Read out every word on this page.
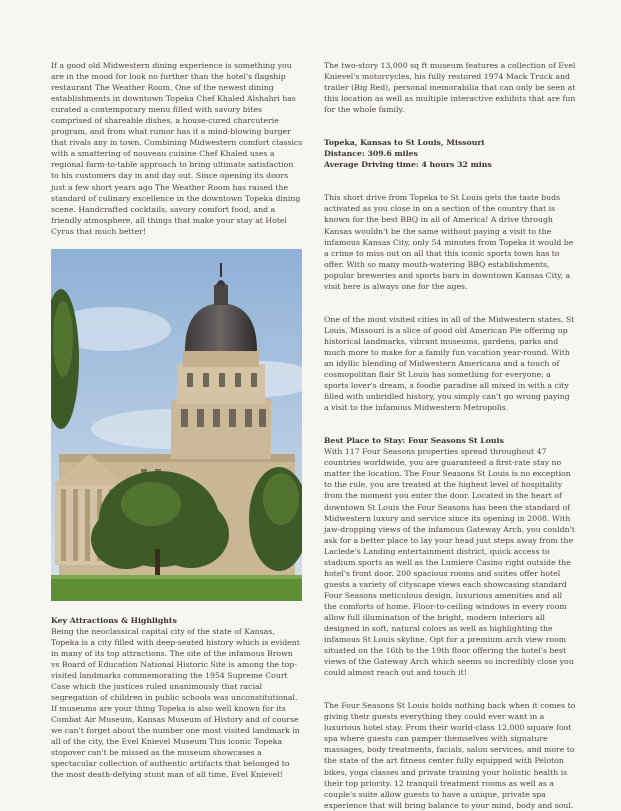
If a good old Midwestern dining experience is something you are in the mood for look no further than the hotel's flagship restaurant The Weather Room. One of the newest dining establishments in downtown Topeka Chef Khaled Alshahri has curated a contemporary menu filled with savory bites comprised of shareable dishes, a house-cured charcuterie program, and from what rumor has it a mind-blowing burger that rivals any in town. Combining Midwestern comfort classics with a smattering of nouveau cuisine Chef Khaled uses a regional farm-to-table approach to bring ultimate satisfaction to his customers day in and day out. Since opening its doors just a few short years ago The Weather Room has raised the standard of culinary excellence in the downtown Topeka dining scene. Handcrafted cocktails, savory comfort food, and a friendly atmosphere, all things that make your stay at Hotel Cyrus that much better!

Key Attractions & Highlights

Being the neoclassical capital city of the state of Kansas, Topeka is a city filled with deep-seated history which is evident in many of its top attractions. The site of the infamous Brown vs Board of Education National Historic Site is among the top-visited landmarks commemorating the 1954 Supreme Court Case which the justices ruled unanimously that racial segregation of children in public schools was unconstitutional. If museums are your thing Topeka is also well known for its Combat Air Museum, Kansas Museum of History and of course we can't forget about the number one most visited landmark in all of the city, the Evel Knievel Museum This iconic Topeka stopover can't be missed as the museum showcases a spectacular collection of authentic artifacts that belonged to the most death-defying stunt man of all time, Evel Knievel!

The two-story 13,000 sq ft museum features a collection of Evel Knievel's motorcycles, his fully restored 1974 Mack Truck and trailer (Big Red), personal memorabilia that can only be seen at this location as well as multiple interactive exhibits that are fun for the whole family.

Topeka, Kansas to St Louis, Missouri

Distance: 309.6 miles

Average Driving time: 4 hours 32 mins

This short drive from Topeka to St Louis gets the taste buds activated as you close in on a section of the country that is known for the best BBQ in all of America! A drive through Kansas wouldn't be the same without paying a visit to the infamous Kansas City, only 54 minutes from Topeka it would be a crime to miss out on all that this iconic sports town has to offer. With so many mouth-watering BBQ establishments, popular breweries and sports bars in downtown Kansas City, a visit here is always one for the ages.

One of the most visited cities in all of the Midwestern states, St Louis, Missouri is a slice of good old American Pie offering up historical landmarks, vibrant museums, gardens, parks and much more to make for a family fun vacation year-round. With an idyllic blending of Midwestern Americana and a touch of cosmopolitan flair St Louis has something for everyone; a sports lover's dream, a foodie paradise all mixed in with a city filled with unbridled history, you simply can't go wrong paying a visit to the infamous Midwestern Metropolis.

Best Place to Stay: Four Seasons St Louis

With 117 Four Seasons properties spread throughout 47 countries worldwide, you are guaranteed a first-rate stay no matter the location. The Four Seasons St Louis is no exception to the rule, you are treated at the highest level of hospitality from the moment you enter the door. Located in the heart of downtown St Louis the Four Seasons has been the standard of Midwestern luxury and service since its opening in 2008. With jaw-dropping views of the infamous Gateway Arch, you couldn't ask for a better place to lay your head just steps away from the Laclede's Landing entertainment district, quick access to stadium sports as well as the Lumiere Casino right outside the hotel's front door. 200 spacious rooms and suites offer hotel guests a variety of cityscape views each showcasing standard Four Seasons meticulous design, luxurious amenities and all the comforts of home. Floor-to-ceiling windows in every room allow full illumination of the bright, modern interiors all designed in soft, natural colors as well as highlighting the infamous St Louis skyline. Opt for a premium arch view room situated on the 16th to the 19th floor offering the hotel's best views of the Gateway Arch which seems so incredibly close you could almost reach out and touch it!

The Four Seasons St Louis holds nothing back when it comes to giving their guests everything they could ever want in a luxurious hotel stay. From their world-class 12,000 square foot spa where guests can pamper themselves with signature massages, body treatments, facials, salon services, and more to the state of the art fitness center fully equipped with Peloton bikes, yoga classes and private training your holistic health is their top priority. 12 tranquil treatment rooms as well as a couple's suite allow guests to have a unique, private spa experience that will bring balance to your mind, body and soul.
